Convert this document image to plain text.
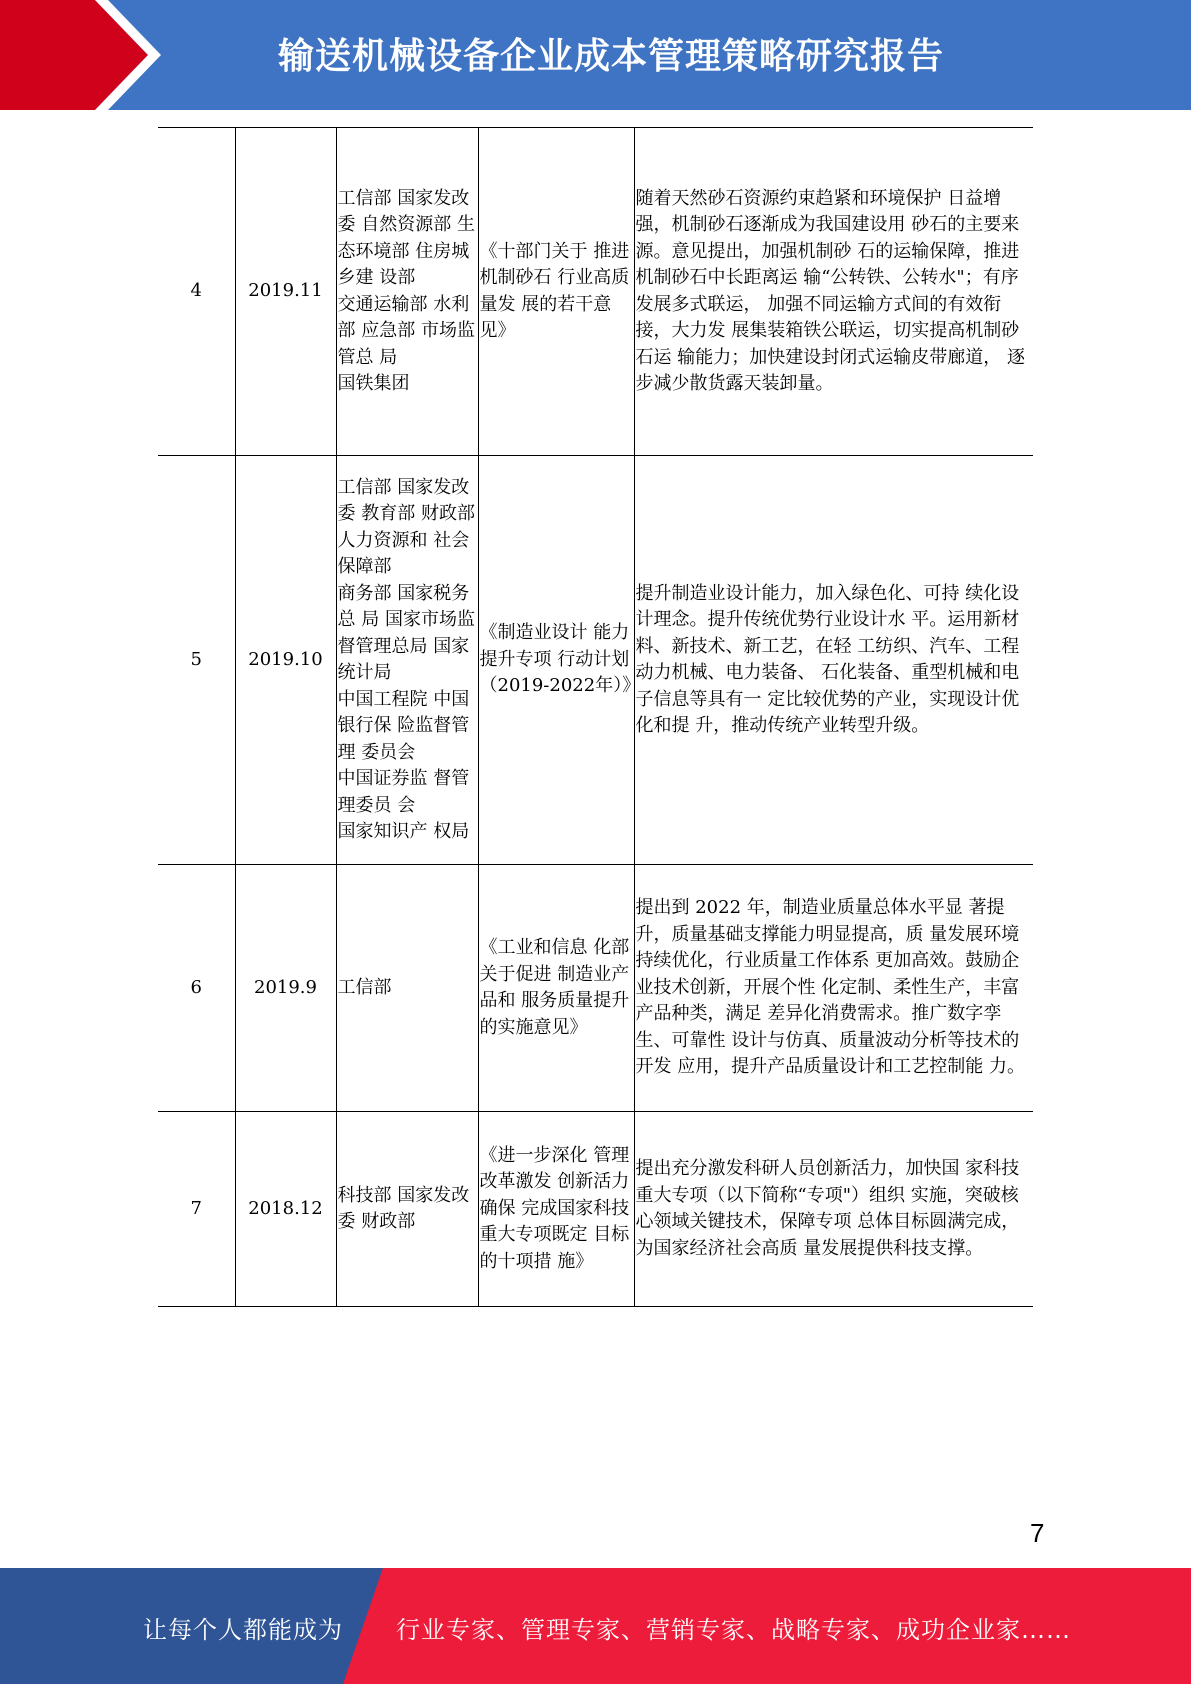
输送机械设备企业成本管理策略研究报告
4	2019.11	工信部 国家发改委 自然资源部 生态环境部 住房城乡建 设部
交通运输部 水利部 应急部 市场监管总 局
国铁集团	《十部门关于 推进机制砂石 行业高质量发 展的若干意 见》	随着天然砂石资源约束趋紧和环境保护 日益增强，机制砂石逐渐成为我国建设用 砂石的主要来源。意见提出，加强机制砂 石的运输保障，推进机制砂石中长距离运 输“公转铁、公转水"；有序发展多式联运， 加强不同运输方式间的有效衔接，大力发 展集装箱铁公联运，切实提高机制砂石运 输能力；加快建设封闭式运输皮带廊道， 逐步减少散货露天装卸量。
5	2019.10	工信部 国家发改委 教育部 财政部 人力资源和 社会保障部
商务部 国家税务总 局 国家市场监 督管理总局 国家统计局
中国工程院 中国银行保 险监督管理 委员会
中国证券监 督管理委员 会
国家知识产 权局	《制造业设计 能力提升专项 行动计划
（2019-2022年）》	提升制造业设计能力，加入绿色化、可持 续化设计理念。提升传统优势行业设计水 平。运用新材料、新技术、新工艺，在轻 工纺织、汽车、工程动力机械、电力装备、 石化装备、重型机械和电子信息等具有一 定比较优势的产业，实现设计优化和提 升，推动传统产业转型升级。
6	2019.9	工信部	《工业和信息 化部关于促进 制造业产品和 服务质量提升 的实施意见》	提出到 2022 年，制造业质量总体水平显 著提升，质量基础支撑能力明显提高，质 量发展环境持续优化，行业质量工作体系 更加高效。鼓励企业技术创新，开展个性 化定制、柔性生产，丰富产品种类，满足 差异化消费需求。推广数字孪生、可靠性 设计与仿真、质量波动分析等技术的开发 应用，提升产品质量设计和工艺控制能 力。
7	2018.12	科技部 国家发改委 财政部	《进一步深化 管理改革激发 创新活力确保 完成国家科技 重大专项既定 目标的十项措 施》	提出充分激发科研人员创新活力，加快国 家科技重大专项（以下简称“专项"）组织 实施，突破核心领域关键技术，保障专项 总体目标圆满完成，为国家经济社会高质 量发展提供科技支撑。
7
让每个人都能成为 行业专家、管理专家、营销专家、战略专家、成功企业家……
